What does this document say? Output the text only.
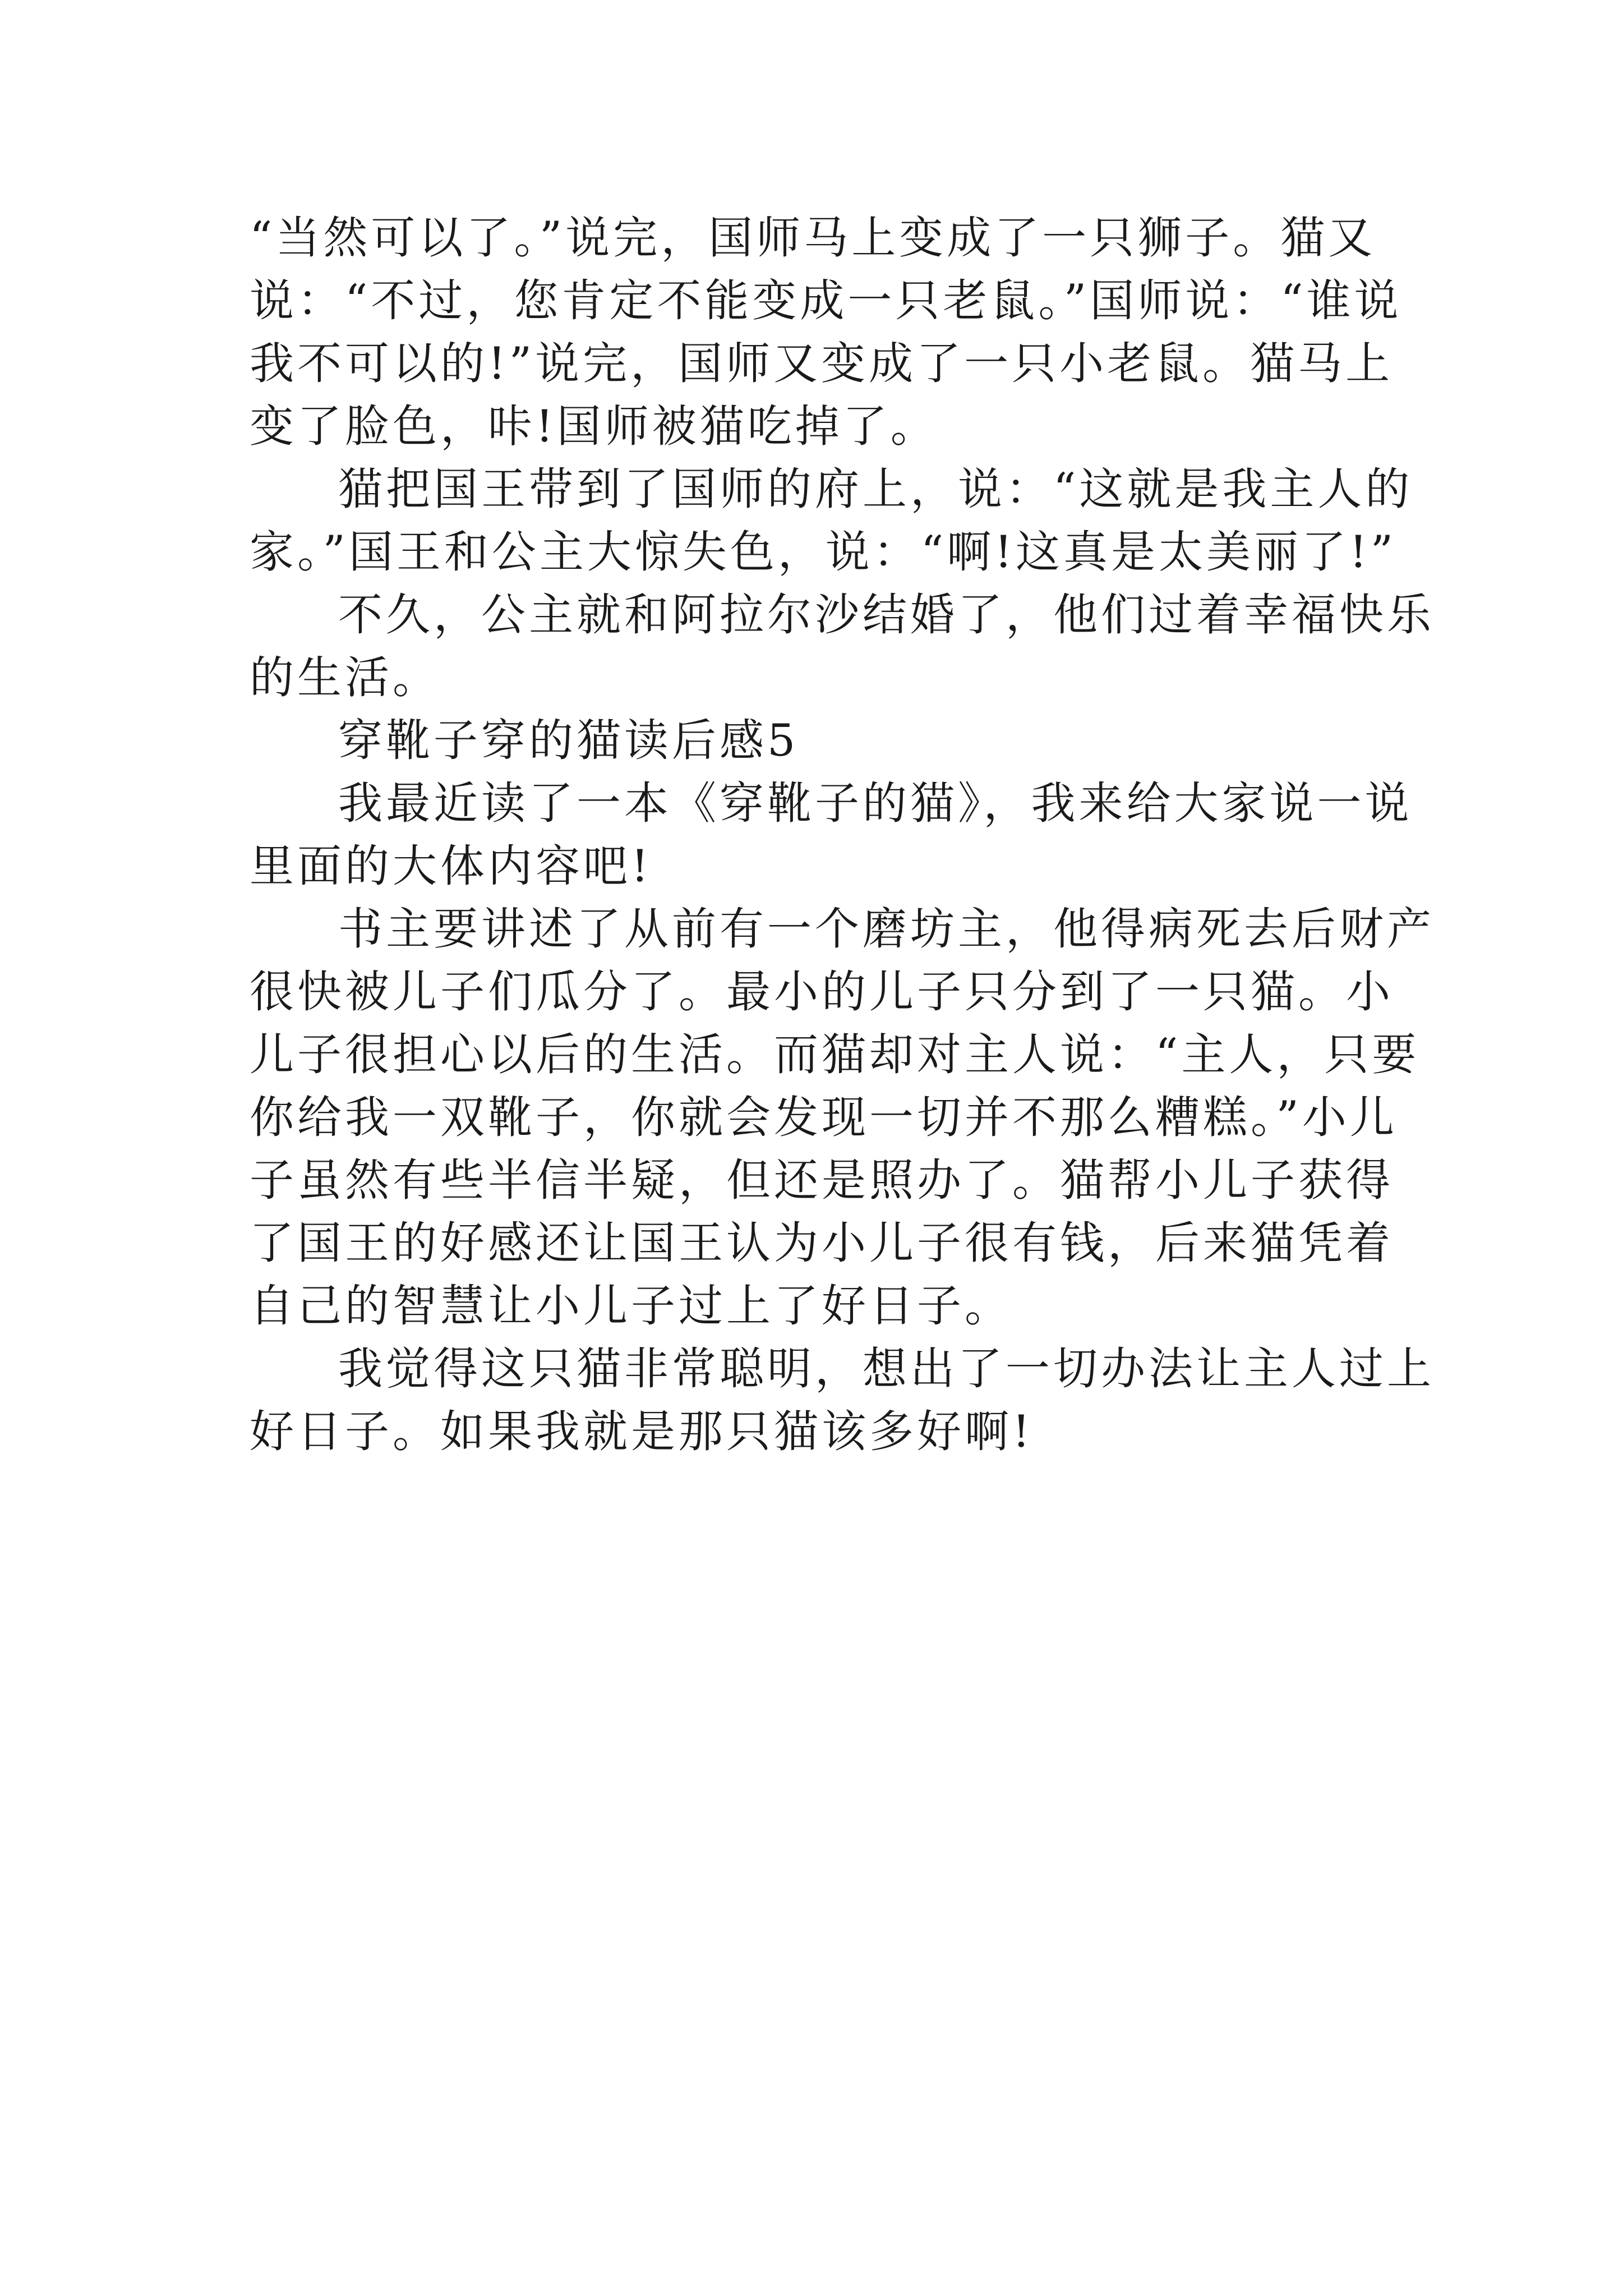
“当然可以了。”说完，国师马上变成了一只狮子。猫又说：“不过，您肯定不能变成一只老鼠。”国师说：“谁说我不可以的!”说完，国师又变成了一只小老鼠。猫马上变了脸色，咔!国师被猫吃掉了。

猫把国王带到了国师的府上，说：“这就是我主人的家。”国王和公主大惊失色，说：“啊!这真是太美丽了!”

不久，公主就和阿拉尔沙结婚了，他们过着幸福快乐的生活。

穿靴子穿的猫读后感5

我最近读了一本《穿靴子的猫》，我来给大家说一说里面的大体内容吧!

书主要讲述了从前有一个磨坊主，他得病死去后财产很快被儿子们瓜分了。最小的儿子只分到了一只猫。小儿子很担心以后的生活。而猫却对主人说：“主人，只要你给我一双靴子，你就会发现一切并不那么糟糕。”小儿子虽然有些半信半疑，但还是照办了。猫帮小儿子获得了国王的好感还让国王认为小儿子很有钱，后来猫凭着自己的智慧让小儿子过上了好日子。

我觉得这只猫非常聪明，想出了一切办法让主人过上好日子。如果我就是那只猫该多好啊!
